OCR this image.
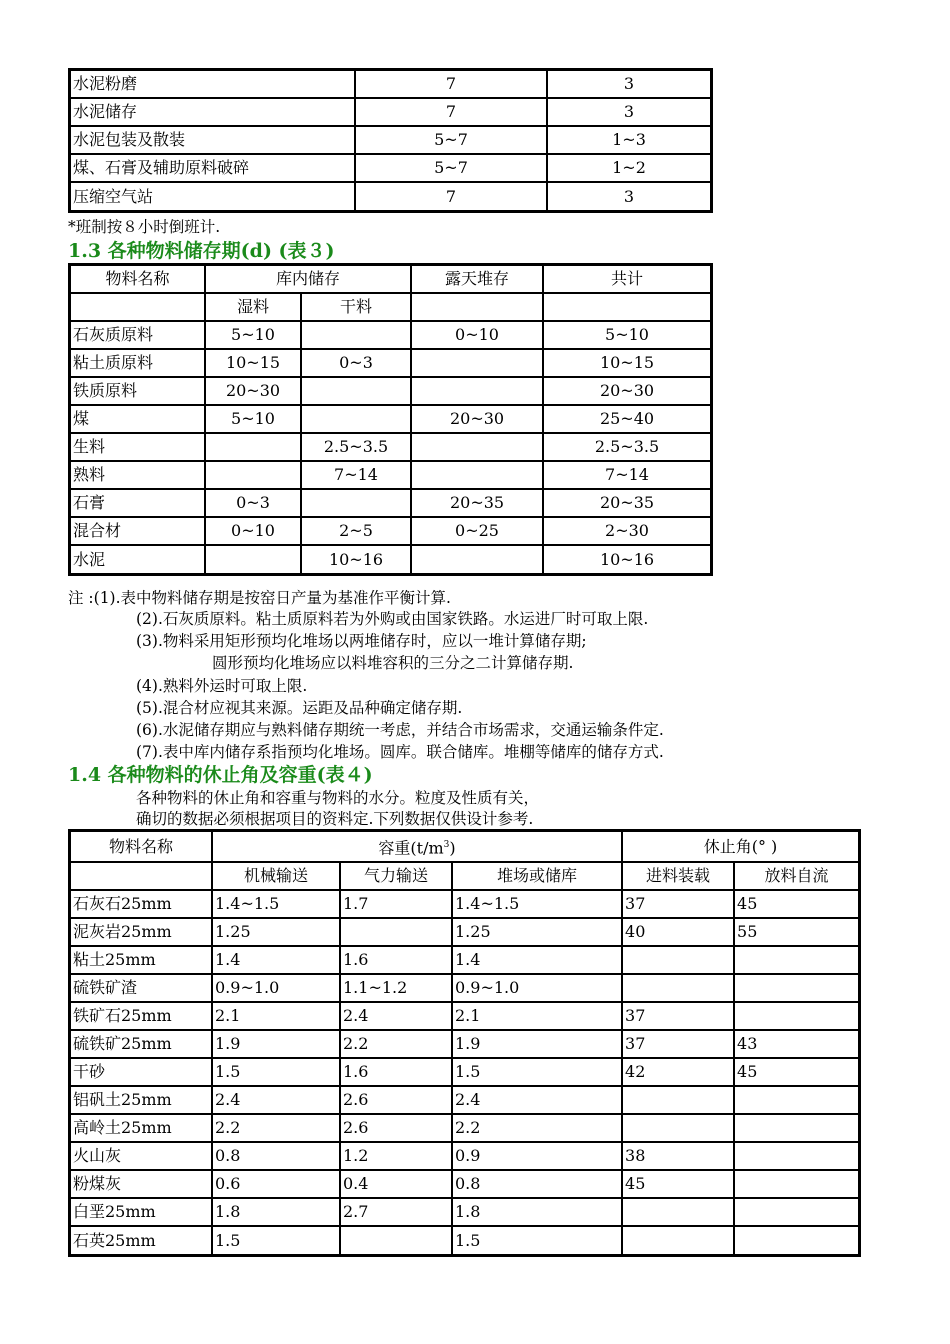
水泥粉磨	7	3
水泥储存	7	3
水泥包装及散装	5~7	1~3
煤、石膏及辅助原料破碎	5~7	1~2
压缩空气站	7	3
*班制按８小时倒班计.
1.3 各种物料储存期(d) (表３)
物料名称	库内储存		露天堆存	共计
	湿料	干料		
石灰质原料	5~10		0~10	5~10
粘土质原料	10~15	0~3		10~15
铁质原料	20~30			20~30
煤	5~10		20~30	25~40
生料		2.5~3.5		2.5~3.5
熟料		7~14		7~14
石膏	0~3		20~35	20~35
混合材	0~10	2~5	0~25	2~30
水泥		10~16		10~16
注 :(1).表中物料储存期是按窑日产量为基准作平衡计算.
(2).石灰质原料。粘土质原料若为外购或由国家铁路。水运进厂时可取上限.
(3).物料采用矩形预均化堆场以两堆储存时，应以一堆计算储存期;
圆形预均化堆场应以料堆容积的三分之二计算储存期.
(4).熟料外运时可取上限.
(5).混合材应视其来源。运距及品种确定储存期.
(6).水泥储存期应与熟料储存期统一考虑，并结合市场需求，交通运输条件定.
(7).表中库内储存系指预均化堆场。圆库。联合储库。堆棚等储库的储存方式.
1.4 各种物料的休止角及容重(表４)
各种物料的休止角和容重与物料的水分。粒度及性质有关，
确切的数据必须根据项目的资料定.下列数据仅供设计参考.
物料名称	容重$(t/m^3)$			休止角(° )	
	机械输送	气力输送	堆场或储库	进料装载	放料自流
石灰石25mm	1.4~1.5	1.7	1.4~1.5	37	45
泥灰岩25mm	1.25		1.25	40	55
粘土25mm	1.4	1.6	1.4		
硫铁矿渣	0.9~1.0	1.1~1.2	0.9~1.0		
铁矿石25mm	2.1	2.4	2.1	37	
硫铁矿25mm	1.9	2.2	1.9	37	43
干砂	1.5	1.6	1.5	42	45
铝矾土25mm	2.4	2.6	2.4		
高岭土25mm	2.2	2.6	2.2		
火山灰	0.8	1.2	0.9	38	
粉煤灰	0.6	0.4	0.8	45	
白垩25mm	1.8	2.7	1.8		
石英25mm	1.5		1.5		
